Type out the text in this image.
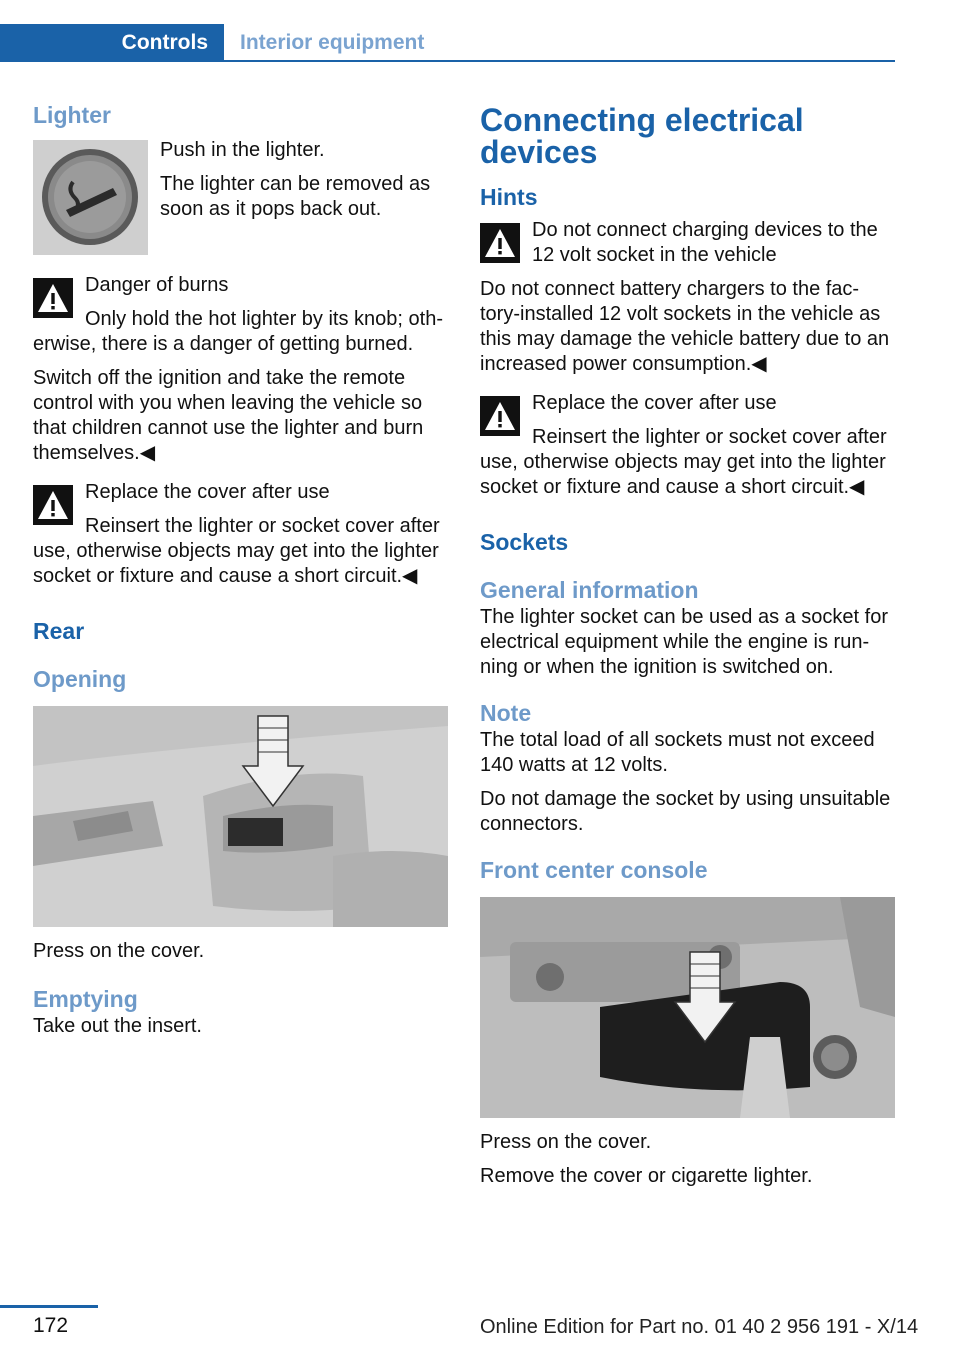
Controls	Interior equipment
Lighter

Push in the lighter.

The lighter can be removed as soon as it pops back out.

Danger of burns

Only hold the hot lighter by its knob; oth-erwise, there is a danger of getting burned.

Switch off the ignition and take the remote control with you when leaving the vehicle so that children cannot use the lighter and burn themselves.◀

Replace the cover after use

Reinsert the lighter or socket cover after use, otherwise objects may get into the lighter socket or fixture and cause a short circuit.◀

Rear
Opening

Press on the cover.

Emptying

Take out the insert.

Connecting electrical devices
Hints

Do not connect charging devices to the 12 volt socket in the vehicle

Do not connect battery chargers to the fac-tory-installed 12 volt sockets in the vehicle as this may damage the vehicle battery due to an increased power consumption.◀

Replace the cover after use

Reinsert the lighter or socket cover after use, otherwise objects may get into the lighter socket or fixture and cause a short circuit.◀

Sockets
General information

The lighter socket can be used as a socket for electrical equipment while the engine is run-ning or when the ignition is switched on.

Note

The total load of all sockets must not exceed 140 watts at 12 volts.

Do not damage the socket by using unsuitable connectors.

Front center console

Press on the cover.

Remove the cover or cigarette lighter.

172	Online Edition for Part no. 01 40 2 956 191 - X/14
